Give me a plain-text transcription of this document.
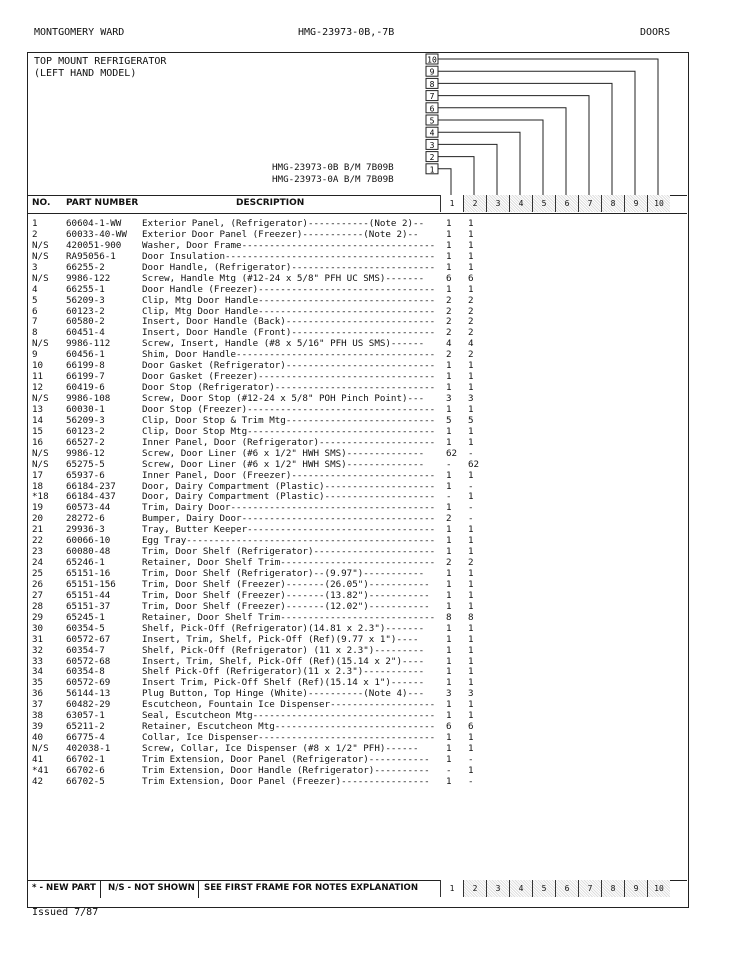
MONTGOMERY WARD	HMG-23973-0B,-7B	DOORS
TOP MOUNT REFRIGERATOR
(LEFT HAND MODEL)
10
9
8
7
6
5
4
3
2
1
HMG-23973-0B B/M 7B09B
HMG-23973-0A B/M 7B09B
NO. PART NUMBER	DESCRIPTION	1	2	3	4	5	6	7	8	9	10
1	60604-1-WW Exterior Panel, (Refrigerator)-----------(Note 2)-- 1 1
2	60033-40-WW Exterior Door Panel (Freezer)-----------(Note 2)--	1 1
N/S 420051-900 Washer, Door Frame----------------------------------- 1 1
N/S RA95056-1	Door Insulation-------------------------------------- 1 1
3	66255-2	Door Handle, (Refrigerator)-------------------------- 1 1
N/S 9986-122	Screw, Handle Mtg (#12-24 x 5/8" PFH UC SMS)------- 6 6
4	66255-1	Door Handle (Freezer)-------------------------------- 1 1
5	56209-3	Clip, Mtg Door Handle-------------------------------- 2 2
6	60123-2	Clip, Mtg Door Handle-------------------------------- 2 2
7	60580-2	Insert, Door Handle (Back)--------------------------- 2 2
8	60451-4	Insert, Door Handle (Front)-------------------------- 2 2
N/S 9986-112	Screw, Insert, Handle (#8 x 5/16" PFH US SMS)------ 4 4
9	60456-1	Shim, Door Handle------------------------------------ 2 2
10 66199-8	Door Gasket (Refrigerator)--------------------------- 1 1
11 66199-7	Door Gasket (Freezer)-------------------------------- 1 1
12 60419-6	Door Stop (Refrigerator)----------------------------- 1 1
N/S 9986-108	Screw, Door Stop (#12-24 x 5/8" POH Pinch Point)--- 3 3
13 60030-1	Door Stop (Freezer)---------------------------------- 1 1
14 56209-3	Clip, Door Stop & Trim Mtg--------------------------- 5 5
15 60123-2	Clip, Door Stop Mtg---------------------------------- 1 1
16 66527-2	Inner Panel, Door (Refrigerator)--------------------- 1 1
N/S 9986-12	Screw, Door Liner (#6 x 1/2" HWH SMS)-------------- 62 -
N/S 65275-5	Screw, Door Liner (#6 x 1/2" HWH SMS)-------------- - 62
17 65937-6	Inner Panel, Door (Freezer)-------------------------- 1 1
18 66184-237	Door, Dairy Compartment (Plastic)-------------------- 1 -
*18 66184-437	Door, Dairy Compartment (Plastic)-------------------- - 1
19 60573-44	Trim, Dairy Door------------------------------------- 1 -
20 28272-6	Bumper, Dairy Door----------------------------------- 2 -
21 29936-3	Tray, Butter Keeper---------------------------------- 1 1
22 60066-10	Egg Tray--------------------------------------------- 1 1
23 60080-48	Trim, Door Shelf (Refrigerator)---------------------- 1 1
24 65246-1	Retainer, Door Shelf Trim---------------------------- 2 2
25 65151-16	Trim, Door Shelf (Refrigerator)--(9.97")----------- 1 1
26 65151-156	Trim, Door Shelf (Freezer)-------(26.05")----------- 1 1
27 65151-44	Trim, Door Shelf (Freezer)-------(13.82")----------- 1 1
28 65151-37	Trim, Door Shelf (Freezer)-------(12.02")----------- 1 1
29 65245-1	Retainer, Door Shelf Trim---------------------------- 8 8
30 60354-5	Shelf, Pick-Off (Refrigerator)(14.81 x 2.3")------- 1 1
31 60572-67	Insert, Trim, Shelf, Pick-Off (Ref)(9.77 x 1")----	1 1
32 60354-7	Shelf, Pick-Off (Refrigerator) (11 x 2.3")--------- 1 1
33 60572-68	Insert, Trim, Shelf, Pick-Off (Ref)(15.14 x 2")---- 1 1
34 60354-8	Shelf Pick-Off (Refrigerator)(11 x 2.3")----------- 1 1
35 60572-69	Insert Trim, Pick-Off Shelf (Ref)(15.14 x 1")------ 1 1
36 56144-13	Plug Button, Top Hinge (White)----------(Note 4)--- 3 3
37 60482-29	Escutcheon, Fountain Ice Dispenser------------------- 1 1
38 63057-1	Seal, Escutcheon Mtg--------------------------------- 1 1
39 65211-2	Retainer, Escutcheon Mtg----------------------------- 6 6
40 66775-4	Collar, Ice Dispenser-------------------------------- 1 1
N/S 402038-1	Screw, Collar, Ice Dispenser (#8 x 1/2" PFH)------	1 1
41 66702-1	Trim Extension, Door Panel (Refrigerator)----------- 1 -
*41 66702-6	Trim Extension, Door Handle (Refrigerator)---------- - 1
42 66702-5	Trim Extension, Door Panel (Freezer)---------------- 1 -
* - NEW PART N/S - NOT SHOWN SEE FIRST FRAME FOR NOTES EXPLANATION	1	2	3	4	5	6	7	8	9	10
Issued 7/87
